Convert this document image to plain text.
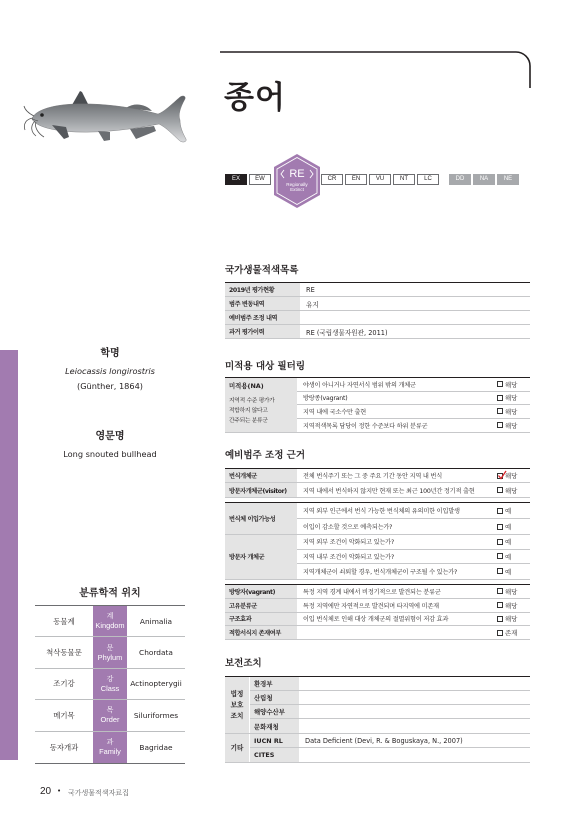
종어
EX	EW	CR	EN	VU	NT	LC	DD	NA	NE
RE
Regionally
Extinct
학명
Leiocassis longirostris
(Günther, 1864)
영문명
Long snouted bullhead
분류학적 위치
동물계
계
Kingdom	Animalia
척삭동물문
문
Phylum	Chordata
조기강
강
Class	Actinopterygii
메기목
목
Order	Siluriformes
동자개과
과
Family	Bagridae
국가생물적색목록
2019년 평가현황	RE
범주 변동내역	유지
예비범주 조정 내역
과거 평가이력	RE (국립생물자원관, 2011)
미적용 대상 필터링
미적용(NA)
지역적 수준 평가가
적합하지 않다고
간주되는 분류군
야생이 아니거나 자연서식 범위 밖의 개체군	해당
방랑종(vagrant)	해당
지역 내에 국소수만 출현	해당
지역적색목록 담당이 정한 수준보다 하위 분류군	해당
예비범주 조정 근거
번식개체군	전체 번식주기 또는 그 중 주요 기간 동안 지역 내 번식	해당
방문자개체군(visitor)	지역 내에서 번식하지 않지만 현재 또는 최근 100년간 정기적 출현	해당
번식체 이입가능성
지역 외부 인근에서 번식 가능한 번식체의 유의미한 이입발생	예
이입이 감소할 것으로 예측되는가?	예
방문자 개체군
지역 외부 조건이 악화되고 있는가?	예
지역 내부 조건이 악화되고 있는가?	예
지역개체군이 쇠퇴할 경우, 번식개체군이 구조될 수 있는가?	예
방랑자(vagrant)	특정 지역 경계 내에서 비정기적으로 발견되는 분류군	해당
고유분류군	특정 지역에만 자연적으로 발견되며 타지역에 미존재	해당
구조효과	이입 번식체로 인해 대상 개체군의 절멸위험이 저감 효과	해당
적합서식지 존재여부	존재
보전조치
법정
보호
조치
환경부
산림청
해양수산부
문화재청
기타
IUCN RL	Data Deficient (Devi, R. & Boguskaya, N., 2007)
CITES
20 • 국가생물적색자료집
